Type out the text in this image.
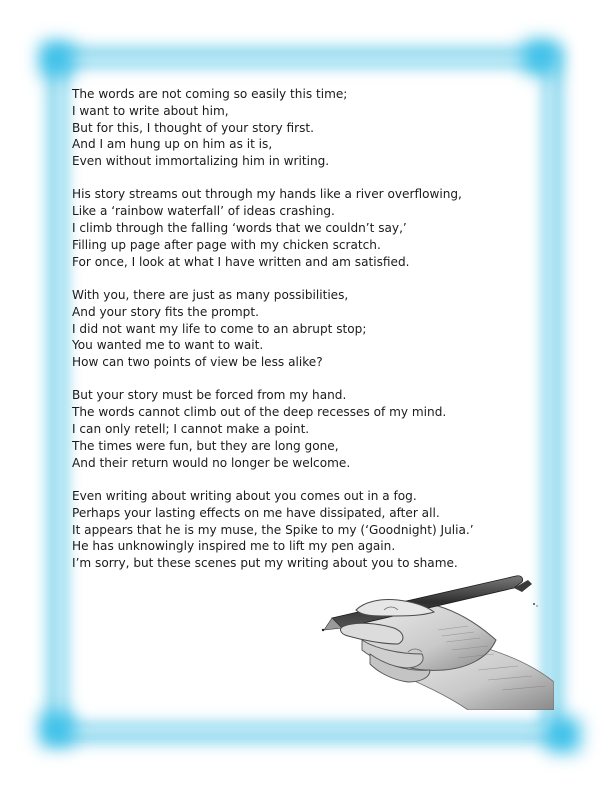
The words are not coming so easily this time;
I want to write about him,
But for this, I thought of your story first.
And I am hung up on him as it is,
Even without immortalizing him in writing.
His story streams out through my hands like a river overflowing,
Like a ‘rainbow waterfall’ of ideas crashing.
I climb through the falling ‘words that we couldn’t say,’
Filling up page after page with my chicken scratch.
For once, I look at what I have written and am satisfied.
With you, there are just as many possibilities,
And your story fits the prompt.
I did not want my life to come to an abrupt stop;
You wanted me to want to wait.
How can two points of view be less alike?
But your story must be forced from my hand.
The words cannot climb out of the deep recesses of my mind.
I can only retell; I cannot make a point.
The times were fun, but they are long gone,
And their return would no longer be welcome.
Even writing about writing about you comes out in a fog.
Perhaps your lasting effects on me have dissipated, after all.
It appears that he is my muse, the Spike to my (‘Goodnight) Julia.’
He has unknowingly inspired me to lift my pen again.
I’m sorry, but these scenes put my writing about you to shame.
